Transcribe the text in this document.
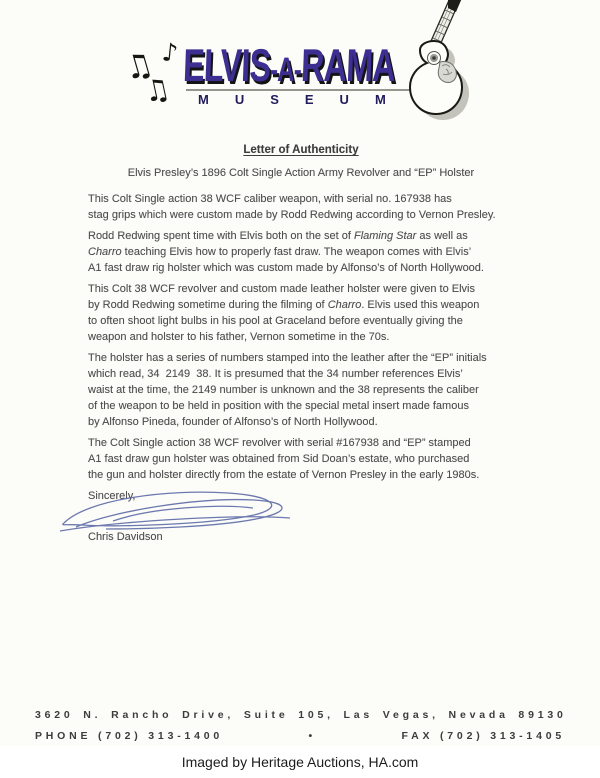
♫ ♪
♫ ELVIS-A-RAMA
MUSEUM
Letter of Authenticity
Elvis Presley’s 1896 Colt Single Action Army Revolver and “EP” Holster
This Colt Single action 38 WCF caliber weapon, with serial no. 167938 has
stag grips which were custom made by Rodd Redwing according to Vernon Presley.
Rodd Redwing spent time with Elvis both on the set of Flaming Star as well as
Charro teaching Elvis how to properly fast draw. The weapon comes with Elvis’
A1 fast draw rig holster which was custom made by Alfonso’s of North Hollywood.
This Colt 38 WCF revolver and custom made leather holster were given to Elvis
by Rodd Redwing sometime during the filming of Charro. Elvis used this weapon
to often shoot light bulbs in his pool at Graceland before eventually giving the
weapon and holster to his father, Vernon sometime in the 70s.
The holster has a series of numbers stamped into the leather after the “EP” initials
which read, 34  2149  38. It is presumed that the 34 number references Elvis’
waist at the time, the 2149 number is unknown and the 38 represents the caliber
of the weapon to be held in position with the special metal insert made famous
by Alfonso Pineda, founder of Alfonso’s of North Hollywood.
The Colt Single action 38 WCF revolver with serial #167938 and “EP” stamped
A1 fast draw gun holster was obtained from Sid Doan’s estate, who purchased
the gun and holster directly from the estate of Vernon Presley in the early 1980s.
Sincerely,
Chris Davidson
3620 N. Rancho Drive, Suite 105, Las Vegas, Nevada 89130
PHONE (702) 313-1400	•	FAX (702) 313-1405
Imaged by Heritage Auctions, HA.com
